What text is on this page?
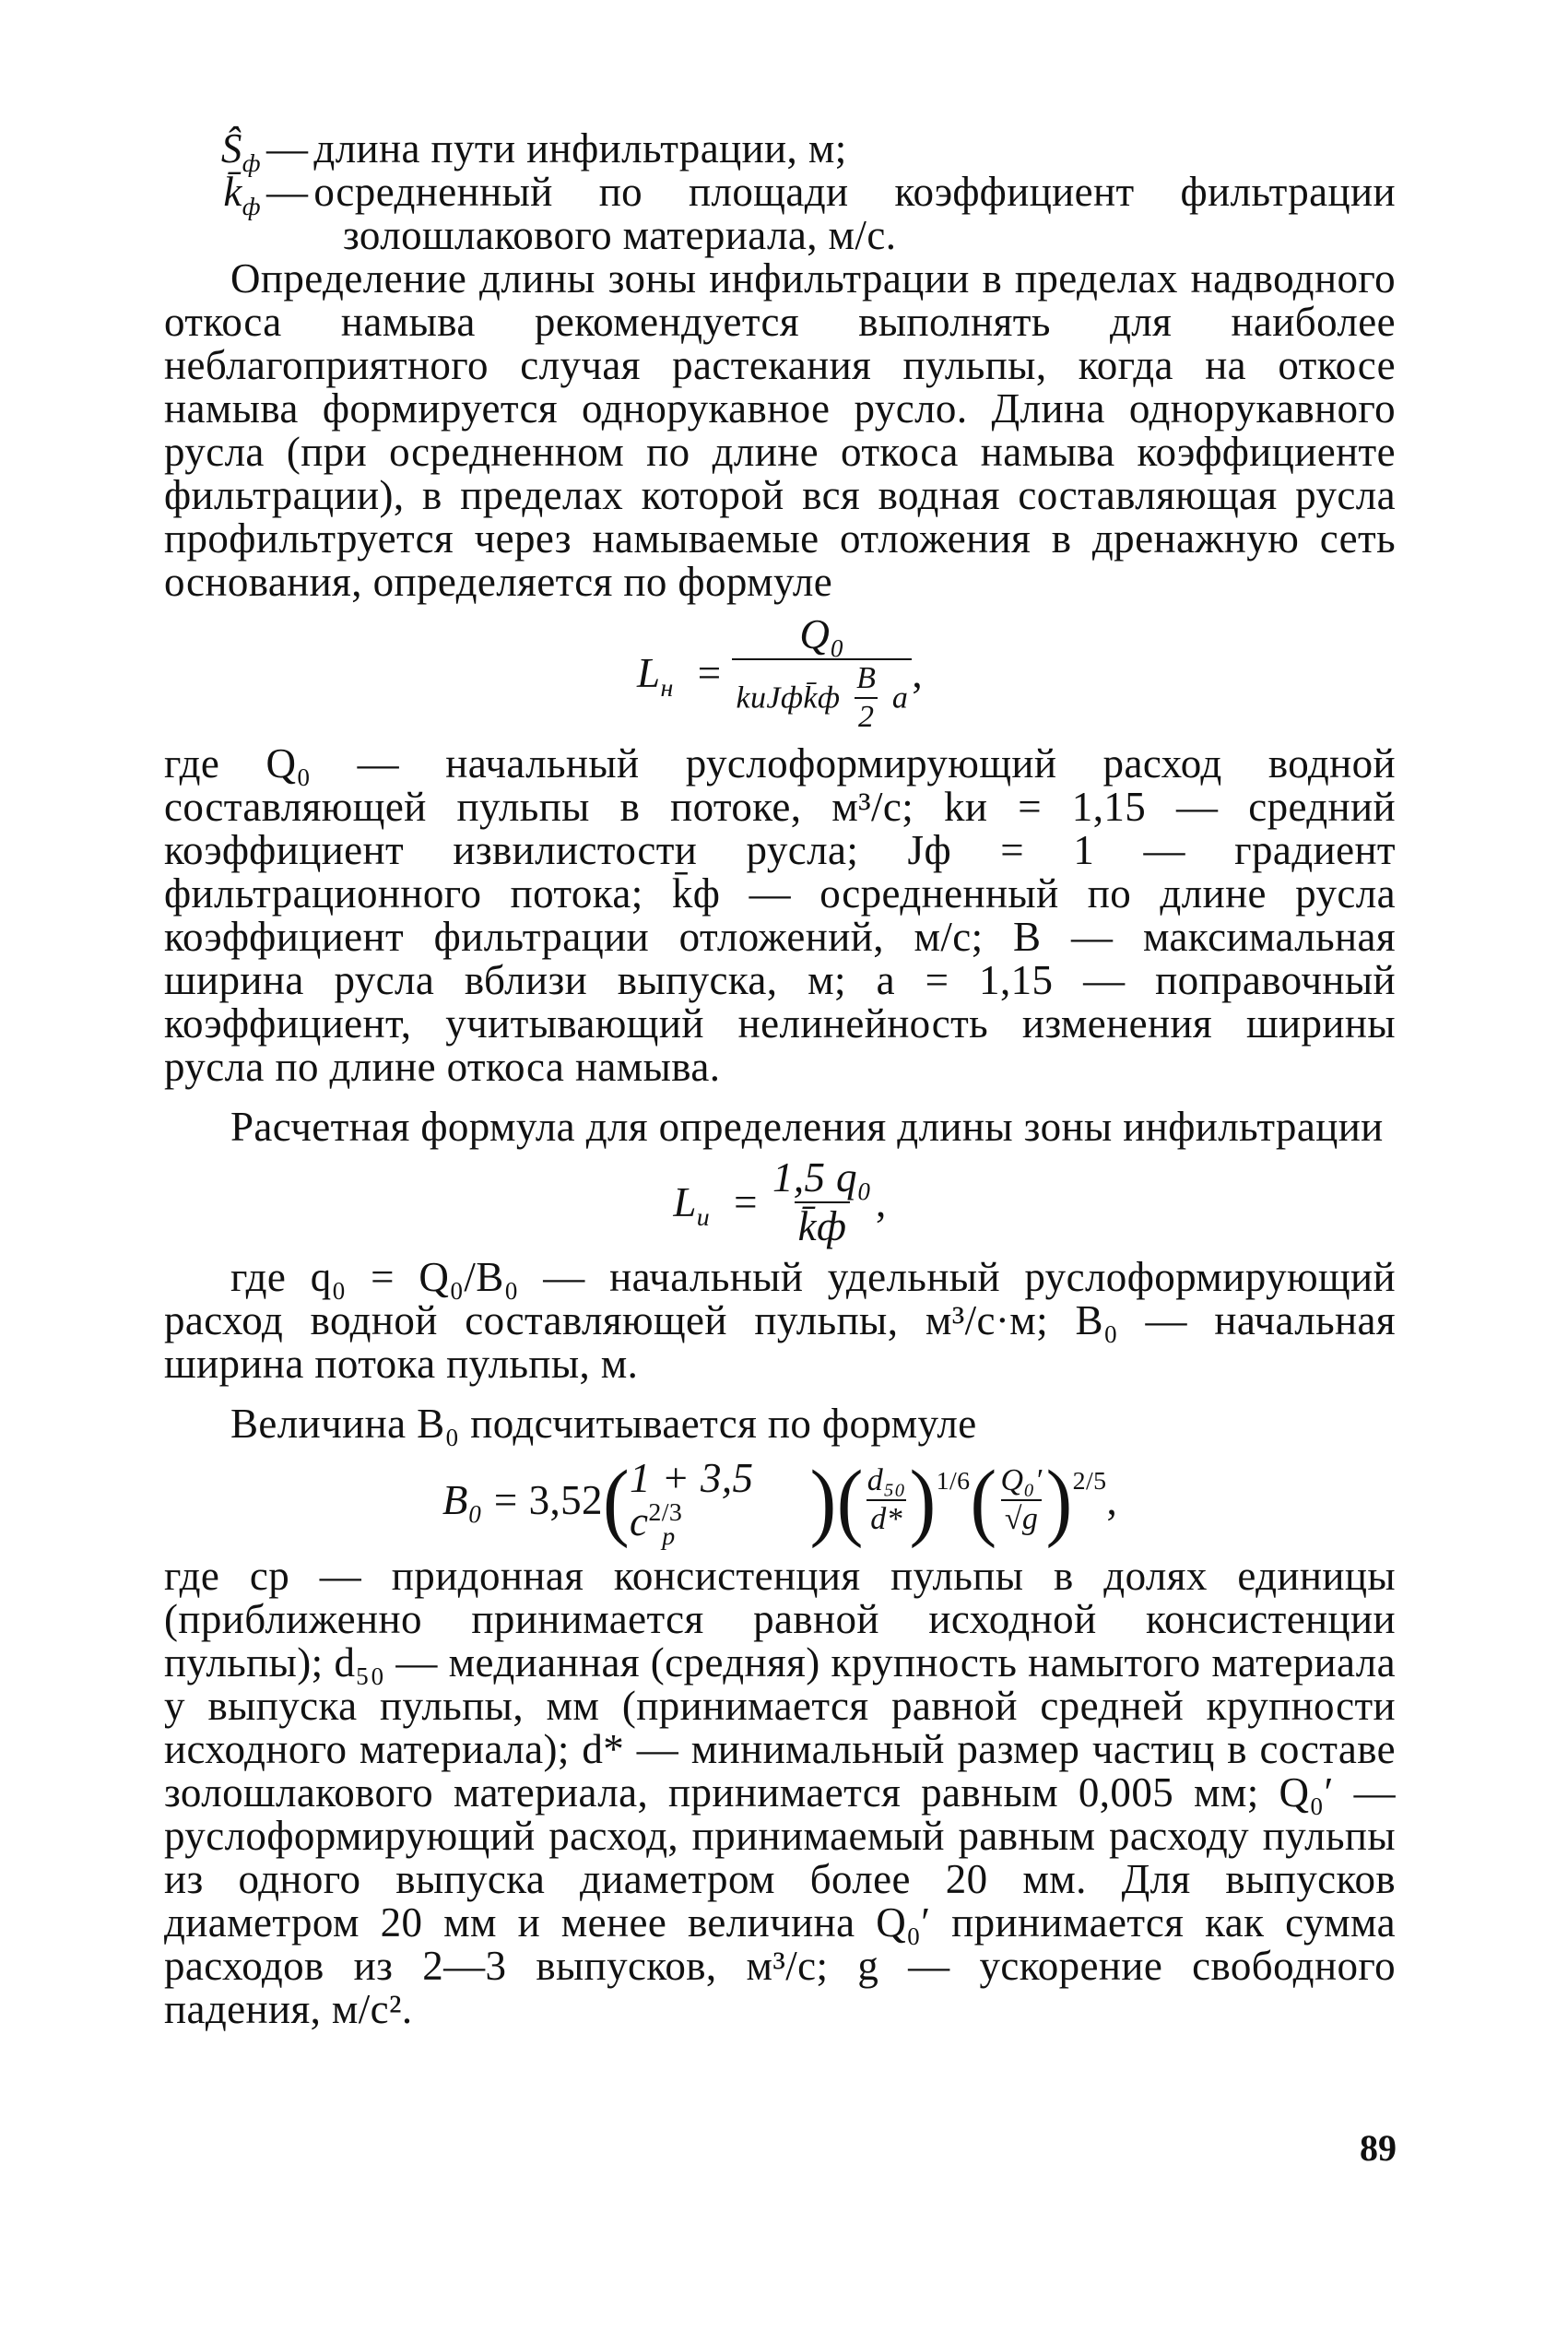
$Ŝ_ф$ — длина пути инфильтрации, м;
$k̄_ф$ — осредненный по площади коэффициент фильтрации
золошлакового материала, м/с.

Определение длины зоны инфильтрации в пределах надводного откоса намыва рекомендуется выполнять для наиболее неблагоприятного случая растекания пульпы, когда на откосе намыва формируется однорукавное русло. Длина однорукавного русла (при осредненном по длине откоса намыва коэффициенте фильтрации), в пределах которой вся водная составляющая русла профильтруется через намываемые отложения в дренажную сеть основания, определяется по формуле

$L_н = \frac{\text{Q₀}}{kиJфk̄ф \frac{B}{2} a}$ ,

где Q₀ — начальный руслоформирующий расход водной составляющей пульпы в потоке, м³/с; kи = 1,15 — средний коэффициент извилистости русла; Jф = 1 — градиент фильтрационного потока; k̄ф — осредненный по длине русла коэффициент фильтрации отложений, м/с; B — максимальная ширина русла вблизи выпуска, м; a = 1,15 — поправочный коэффициент, учитывающий нелинейность изменения ширины русла по длине откоса намыва.

Расчетная формула для определения длины зоны инфильтрации

$L_и = \frac{\text{1,5 q₀}}{k̄ф}$ ,

где q₀ = Q₀/B₀ — начальный удельный руслоформирующий расход водной составляющей пульпы, м³/с·м; B₀ — начальная ширина потока пульпы, м.

Величина B₀ подсчитывается по формуле

B₀ = 3,52 ( 1 + 3,5 $c^{2/3}_p$	) ( $\frac{\text{d₅₀}}{d*}$ ) 1/6 ( $\frac{\text{Q₀′}}{√g}$ ) 2/5 ,

где cp — придонная консистенция пульпы в долях единицы (приближенно принимается равной исходной консистенции пульпы); d₅₀ — медианная (средняя) крупность намытого материала у выпуска пульпы, мм (принимается равной средней крупности исходного материала); d* — минимальный размер частиц в составе золошлакового материала, принимается равным 0,005 мм; Q₀′ — руслоформирующий расход, принимаемый равным расходу пульпы из одного выпуска диаметром более 20 мм. Для выпусков диаметром 20 мм и менее величина Q₀′ принимается как сумма расходов из 2—3 выпусков, м³/с; g — ускорение свободного падения, м/с².

89
